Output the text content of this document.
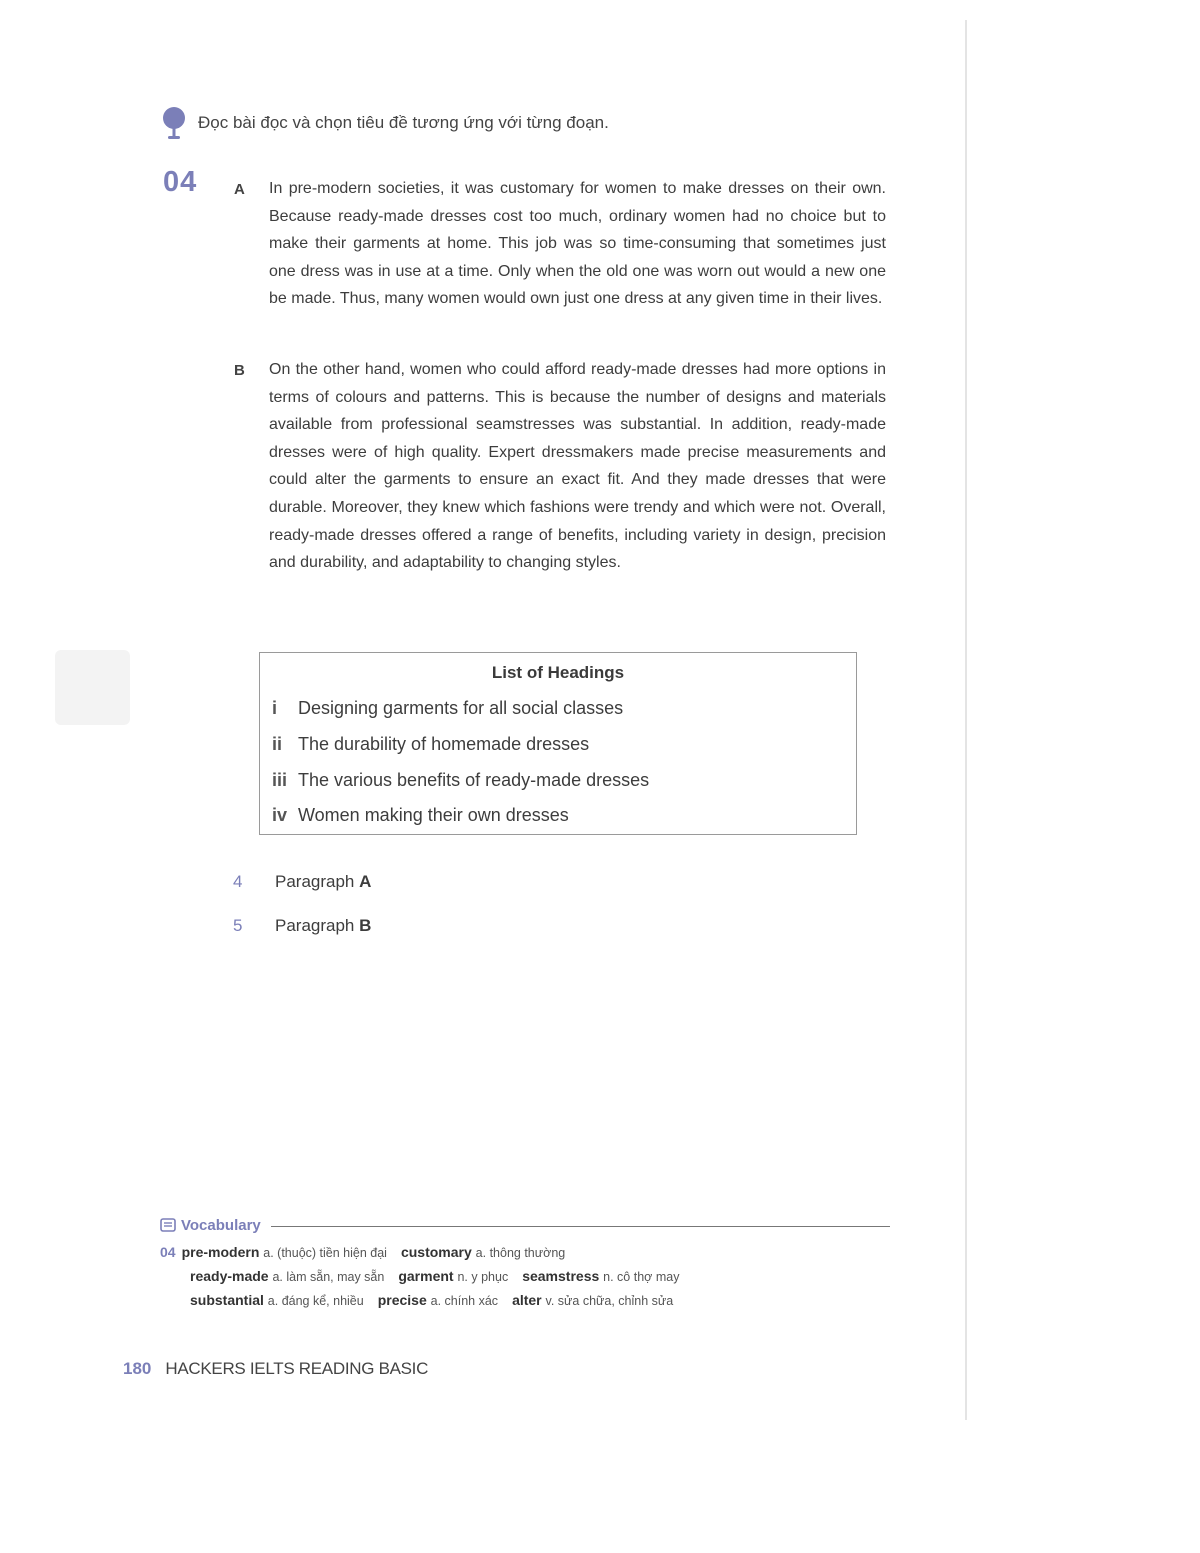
Đọc bài đọc và chọn tiêu đề tương ứng với từng đoạn.
04 A In pre-modern societies, it was customary for women to make dresses on their own. Because ready-made dresses cost too much, ordinary women had no choice but to make their garments at home. This job was so time-consuming that sometimes just one dress was in use at a time. Only when the old one was worn out would a new one be made. Thus, many women would own just one dress at any given time in their lives.
B On the other hand, women who could afford ready-made dresses had more options in terms of colours and patterns. This is because the number of designs and materials available from professional seamstresses was substantial. In addition, ready-made dresses were of high quality. Expert dressmakers made precise measurements and could alter the garments to ensure an exact fit. And they made dresses that were durable. Moreover, they knew which fashions were trendy and which were not. Overall, ready-made dresses offered a range of benefits, including variety in design, precision and durability, and adaptability to changing styles.
List of Headings
i Designing garments for all social classes
ii The durability of homemade dresses
iii The various benefits of ready-made dresses
iv Women making their own dresses
4 Paragraph A
5 Paragraph B
Vocabulary
04 pre-modern a. (thuộc) tiền hiện đại customary a. thông thường
ready-made a. làm sẵn, may sẵn garment n. y phục seamstress n. cô thợ may
substantial a. đáng kể, nhiều precise a. chính xác alter v. sửa chữa, chỉnh sửa
180 HACKERS IELTS READING BASIC
